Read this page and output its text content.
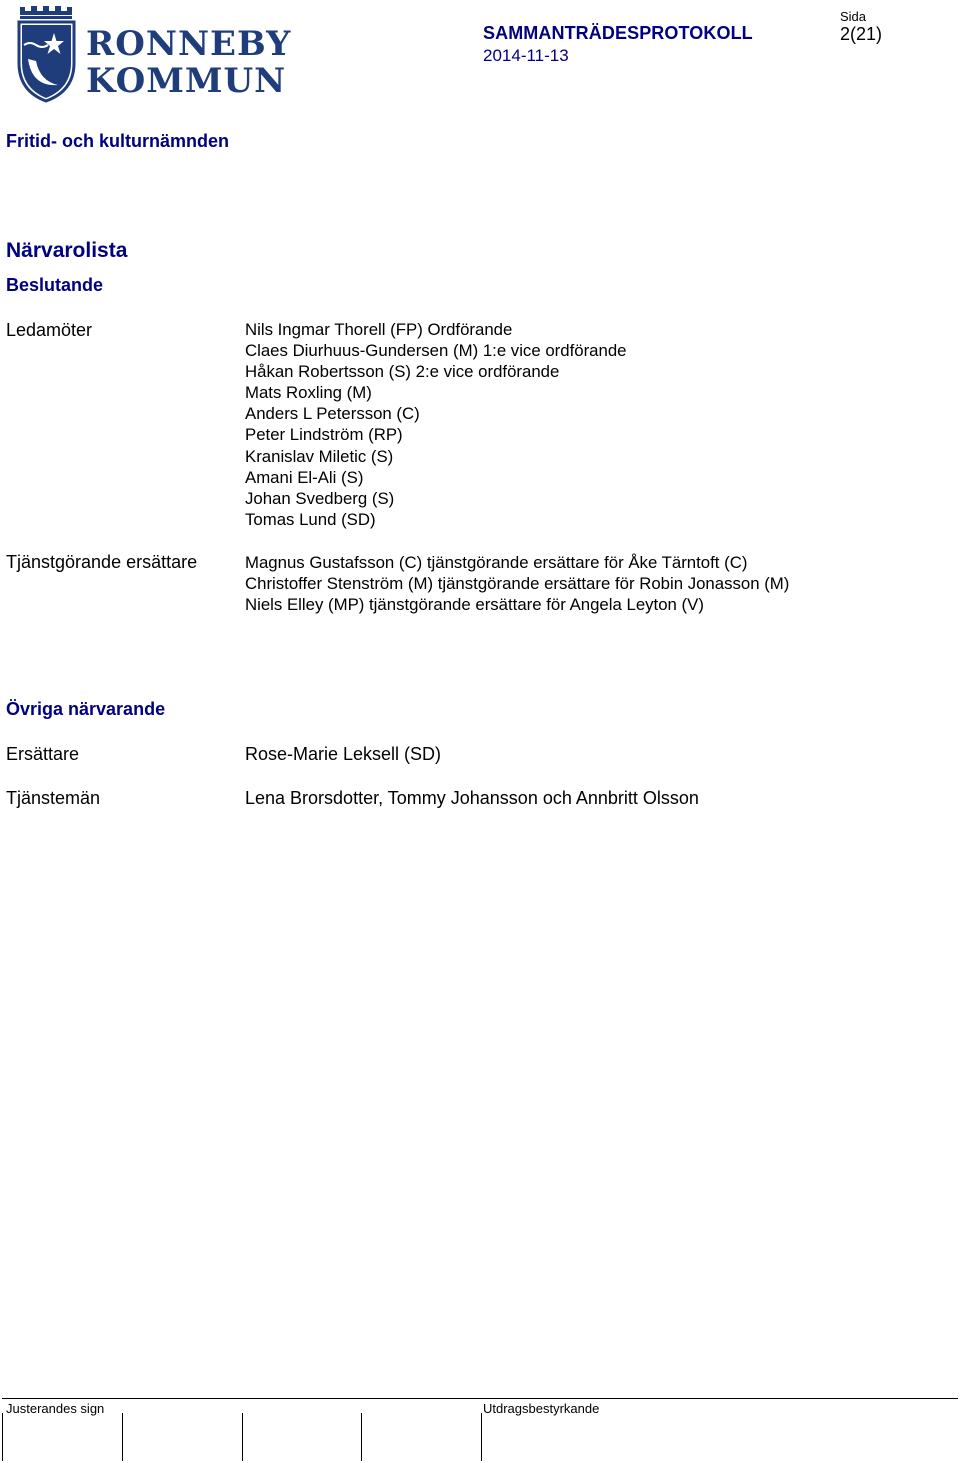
RONNEBY
KOMMUN
Sida
2(21)
SAMMANTRÄDESPROTOKOLL
2014-11-13
Fritid- och kulturnämnden
Närvarolista
Beslutande
Ledamöter	Nils Ingmar Thorell (FP) Ordförande
Claes Diurhuus-Gundersen (M) 1:e vice ordförande
Håkan Robertsson (S) 2:e vice ordförande
Mats Roxling (M)
Anders L Petersson (C)
Peter Lindström (RP)
Kranislav Miletic (S)
Amani El-Ali (S)
Johan Svedberg (S)
Tomas Lund (SD)
Tjänstgörande ersättare	Magnus Gustafsson (C) tjänstgörande ersättare för Åke Tärntoft (C)
Christoffer Stenström (M) tjänstgörande ersättare för Robin Jonasson (M)
Niels Elley (MP) tjänstgörande ersättare för Angela Leyton (V)
Övriga närvarande
Ersättare	Rose-Marie Leksell (SD)
Tjänstemän	Lena Brorsdotter, Tommy Johansson och Annbritt Olsson
Justerandes sign	Utdragsbestyrkande
